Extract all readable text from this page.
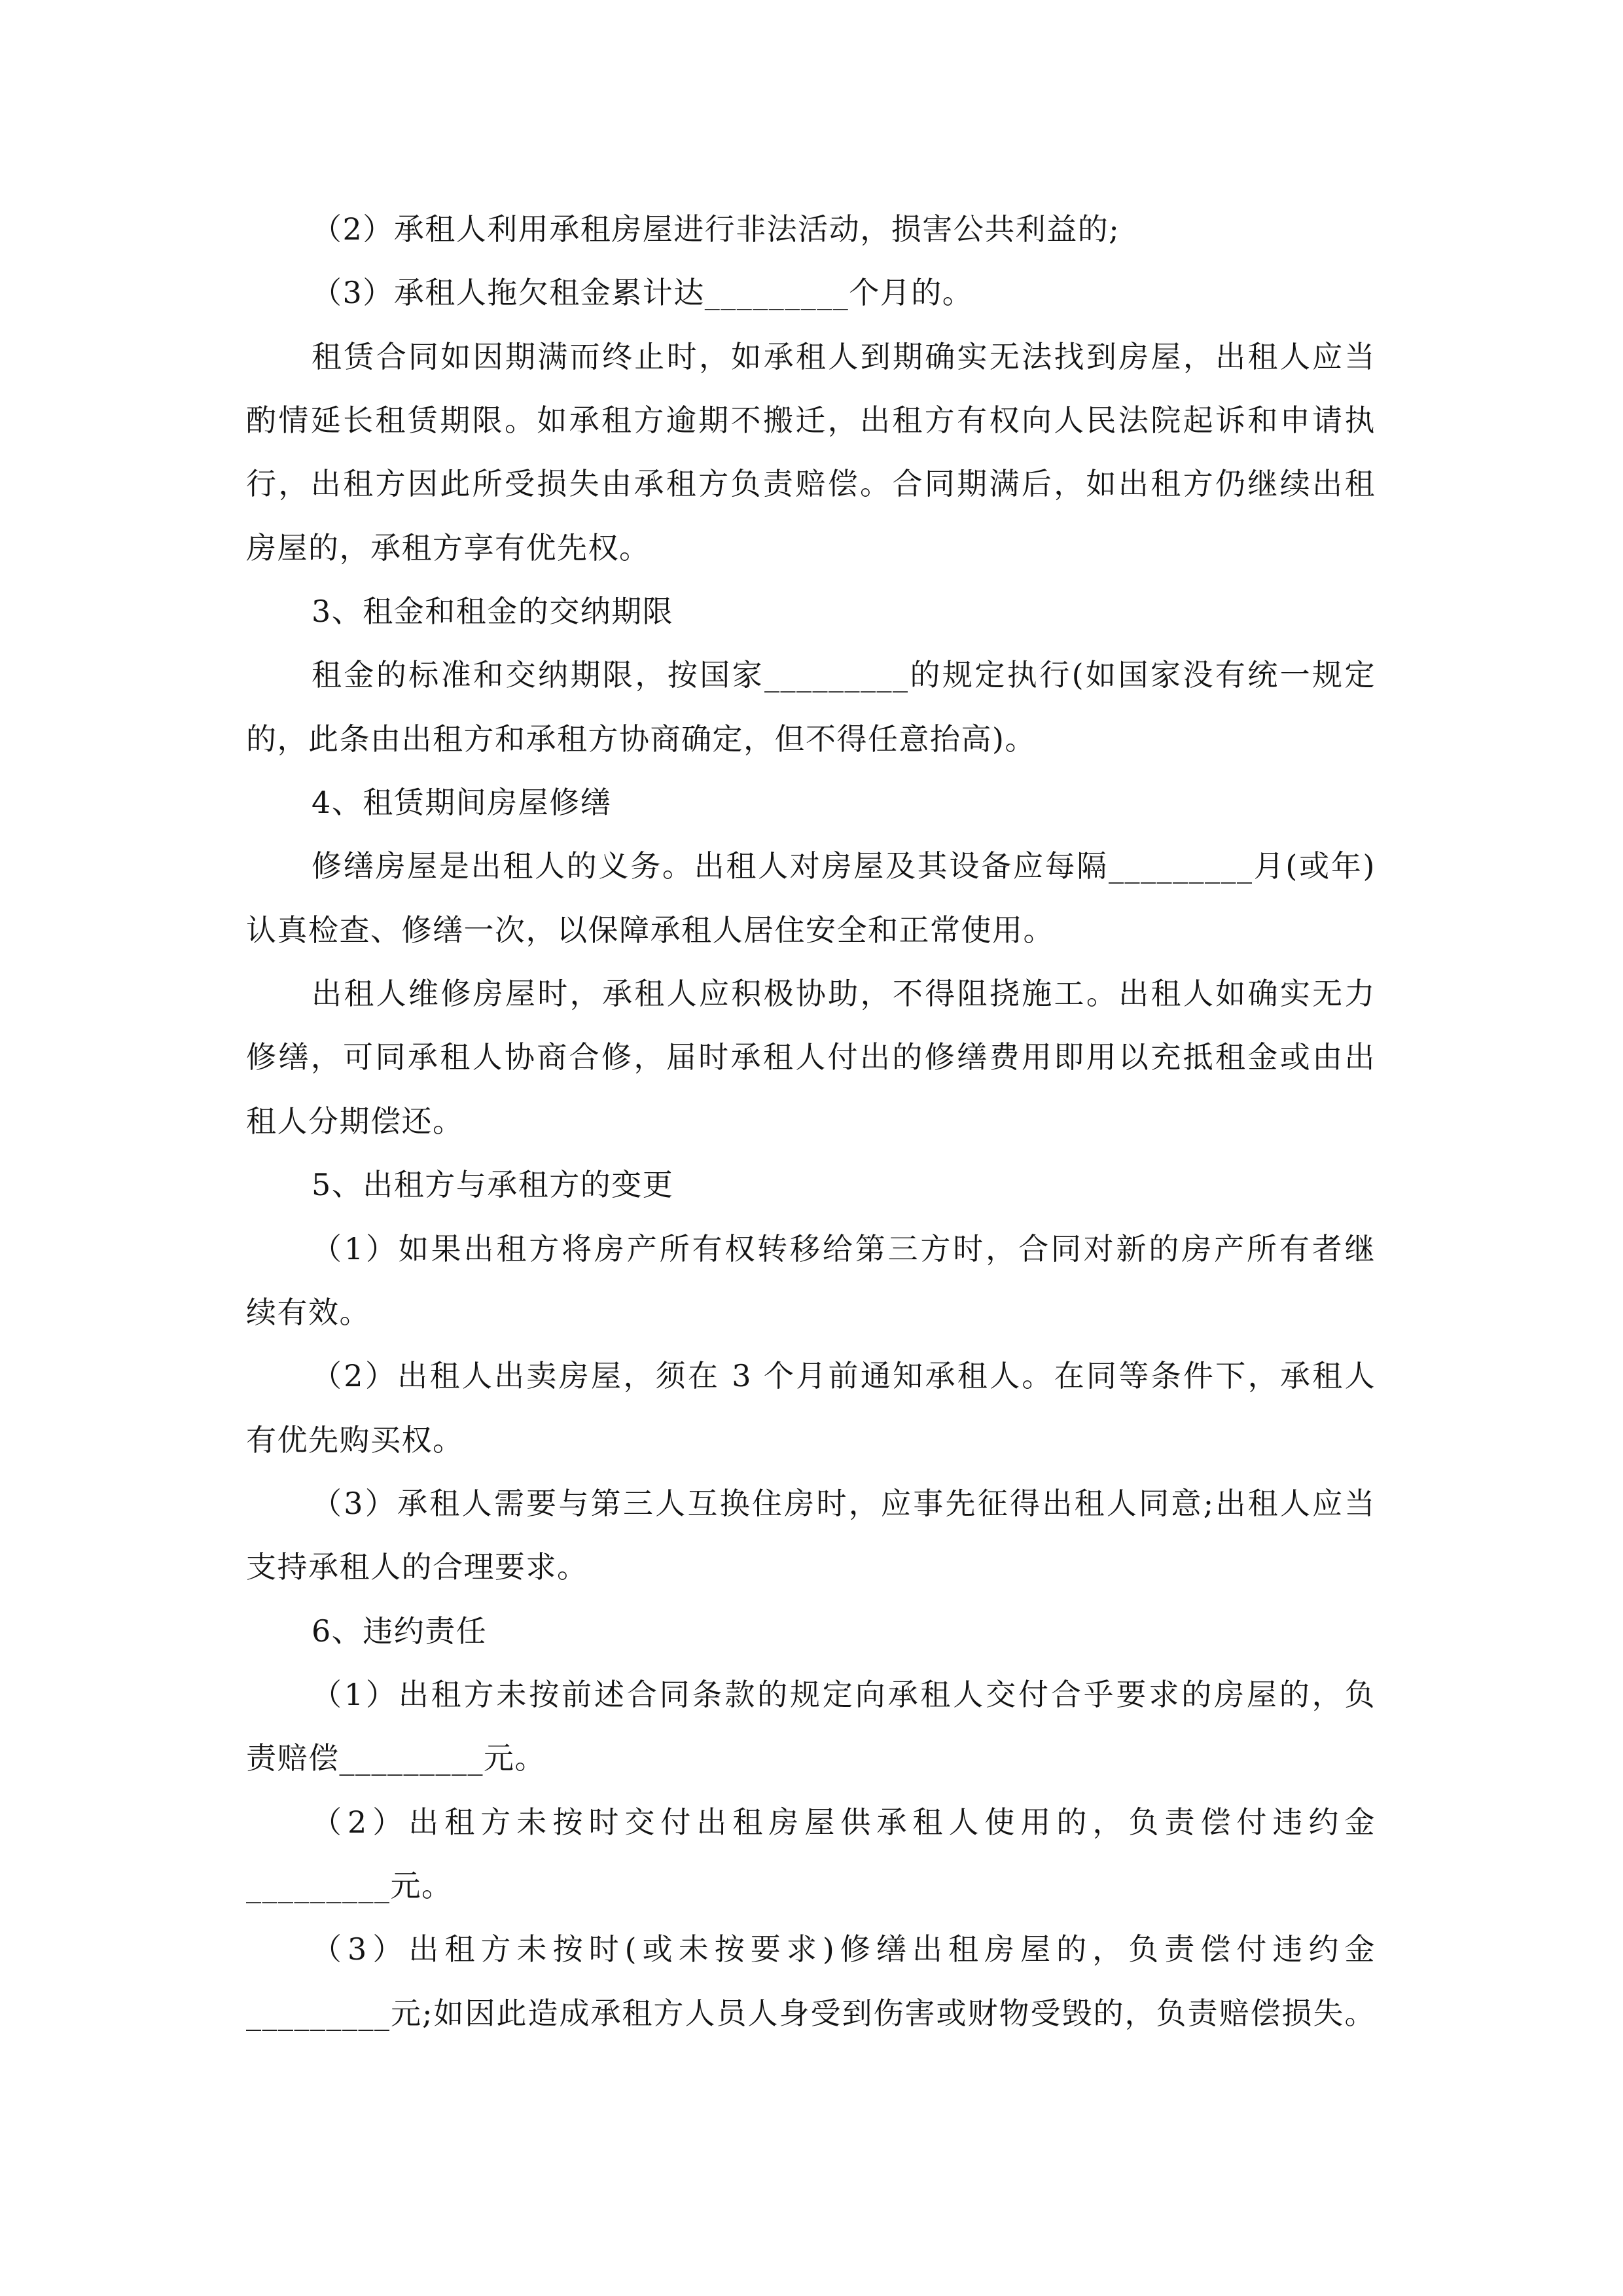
（2）承租人利用承租房屋进行非法活动，损害公共利益的;
（3）承租人拖欠租金累计达_________个月的。
租赁合同如因期满而终止时，如承租人到期确实无法找到房屋，出租人应当
酌情延长租赁期限。如承租方逾期不搬迁，出租方有权向人民法院起诉和申请执
行，出租方因此所受损失由承租方负责赔偿。合同期满后，如出租方仍继续出租
房屋的，承租方享有优先权。
3、租金和租金的交纳期限
租金的标准和交纳期限，按国家_________的规定执行(如国家没有统一规定
的，此条由出租方和承租方协商确定，但不得任意抬高)。
4、租赁期间房屋修缮
修缮房屋是出租人的义务。出租人对房屋及其设备应每隔_________月(或年)
认真检查、修缮一次，以保障承租人居住安全和正常使用。
出租人维修房屋时，承租人应积极协助，不得阻挠施工。出租人如确实无力
修缮，可同承租人协商合修，届时承租人付出的修缮费用即用以充抵租金或由出
租人分期偿还。
5、出租方与承租方的变更
（1）如果出租方将房产所有权转移给第三方时，合同对新的房产所有者继
续有效。
（2）出租人出卖房屋，须在 3 个月前通知承租人。在同等条件下，承租人
有优先购买权。
（3）承租人需要与第三人互换住房时，应事先征得出租人同意;出租人应当
支持承租人的合理要求。
6、违约责任
（1）出租方未按前述合同条款的规定向承租人交付合乎要求的房屋的，负
责赔偿_________元。
（2）出租方未按时交付出租房屋供承租人使用的，负责偿付违约金
_________元。
（3）出租方未按时(或未按要求)修缮出租房屋的，负责偿付违约金
_________元;如因此造成承租方人员人身受到伤害或财物受毁的，负责赔偿损失。
